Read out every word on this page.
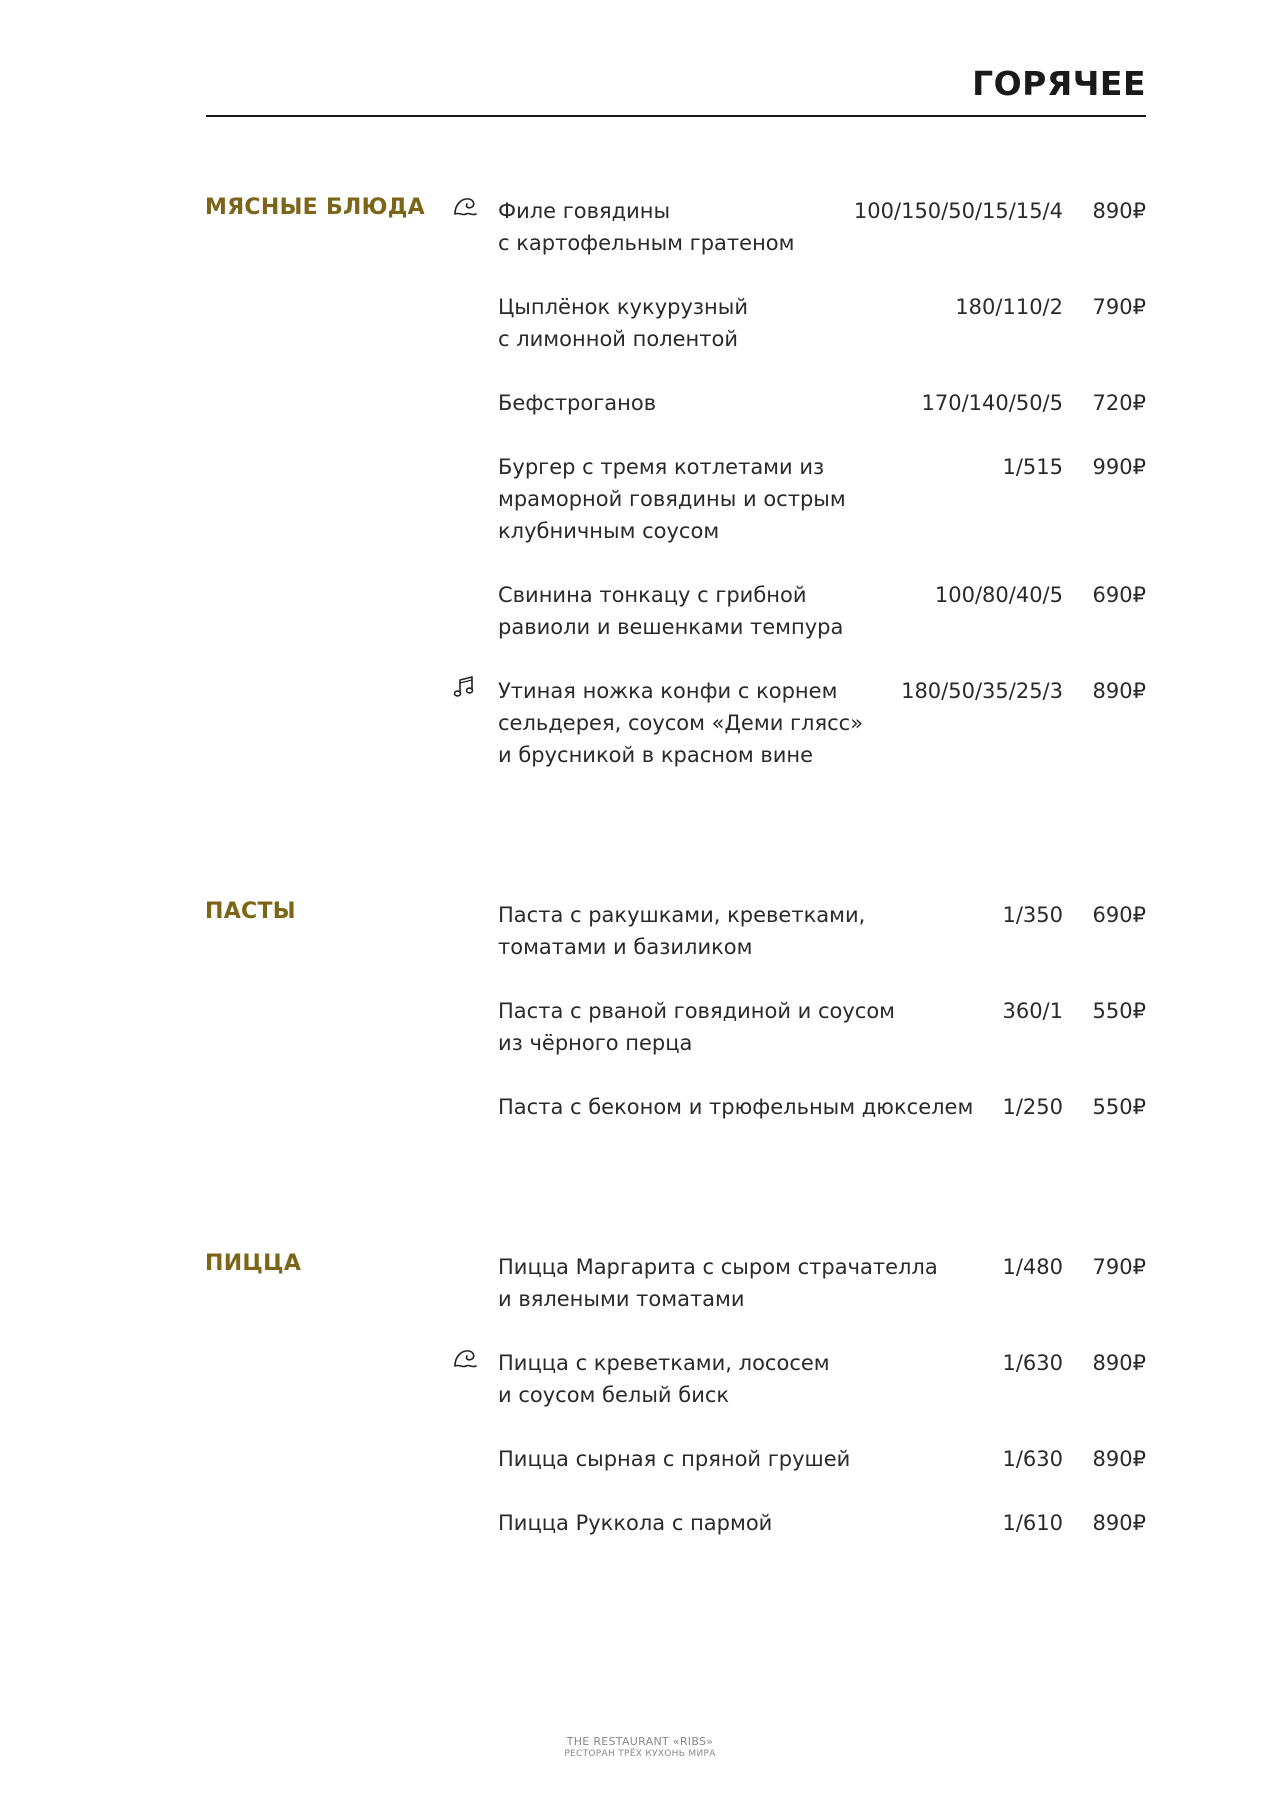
ГОРЯЧЕЕ
МЯСНЫЕ БЛЮДА	Филе говядины
с картофельным гратеном
100/150/50/15/15/4 890₽
Цыплёнок кукурузный
с лимонной полентой
180/110/2 790₽
Бефстроганов	170/140/50/5 720₽
Бургер с тремя котлетами из
мраморной говядины и острым
клубничным соусом
1/515 990₽
Свинина тонкацу с грибной
равиоли и вешенками темпура
100/80/40/5 690₽
Утиная ножка конфи с корнем
сельдерея, соусом «Деми глясс»
и брусникой в красном вине
180/50/35/25/3 890₽
ПАСТЫ	Паста с ракушками, креветками,
томатами и базиликом
1/350 690₽
Паста с рваной говядиной и соусом
из чёрного перца
360/1 550₽
Паста с беконом и трюфельным дюкселем	1/250 550₽
ПИЦЦА	Пицца Маргарита с сыром страчателла
и вялеными томатами
1/480 790₽
Пицца с креветками, лососем
и соусом белый биск
1/630 890₽
Пицца сырная с пряной грушей	1/630 890₽
Пицца Руккола с пармой	1/610 890₽
THE RESTAURANT «RIBS»
РЕСТОРАН ТРЁХ КУХОНЬ МИРА
